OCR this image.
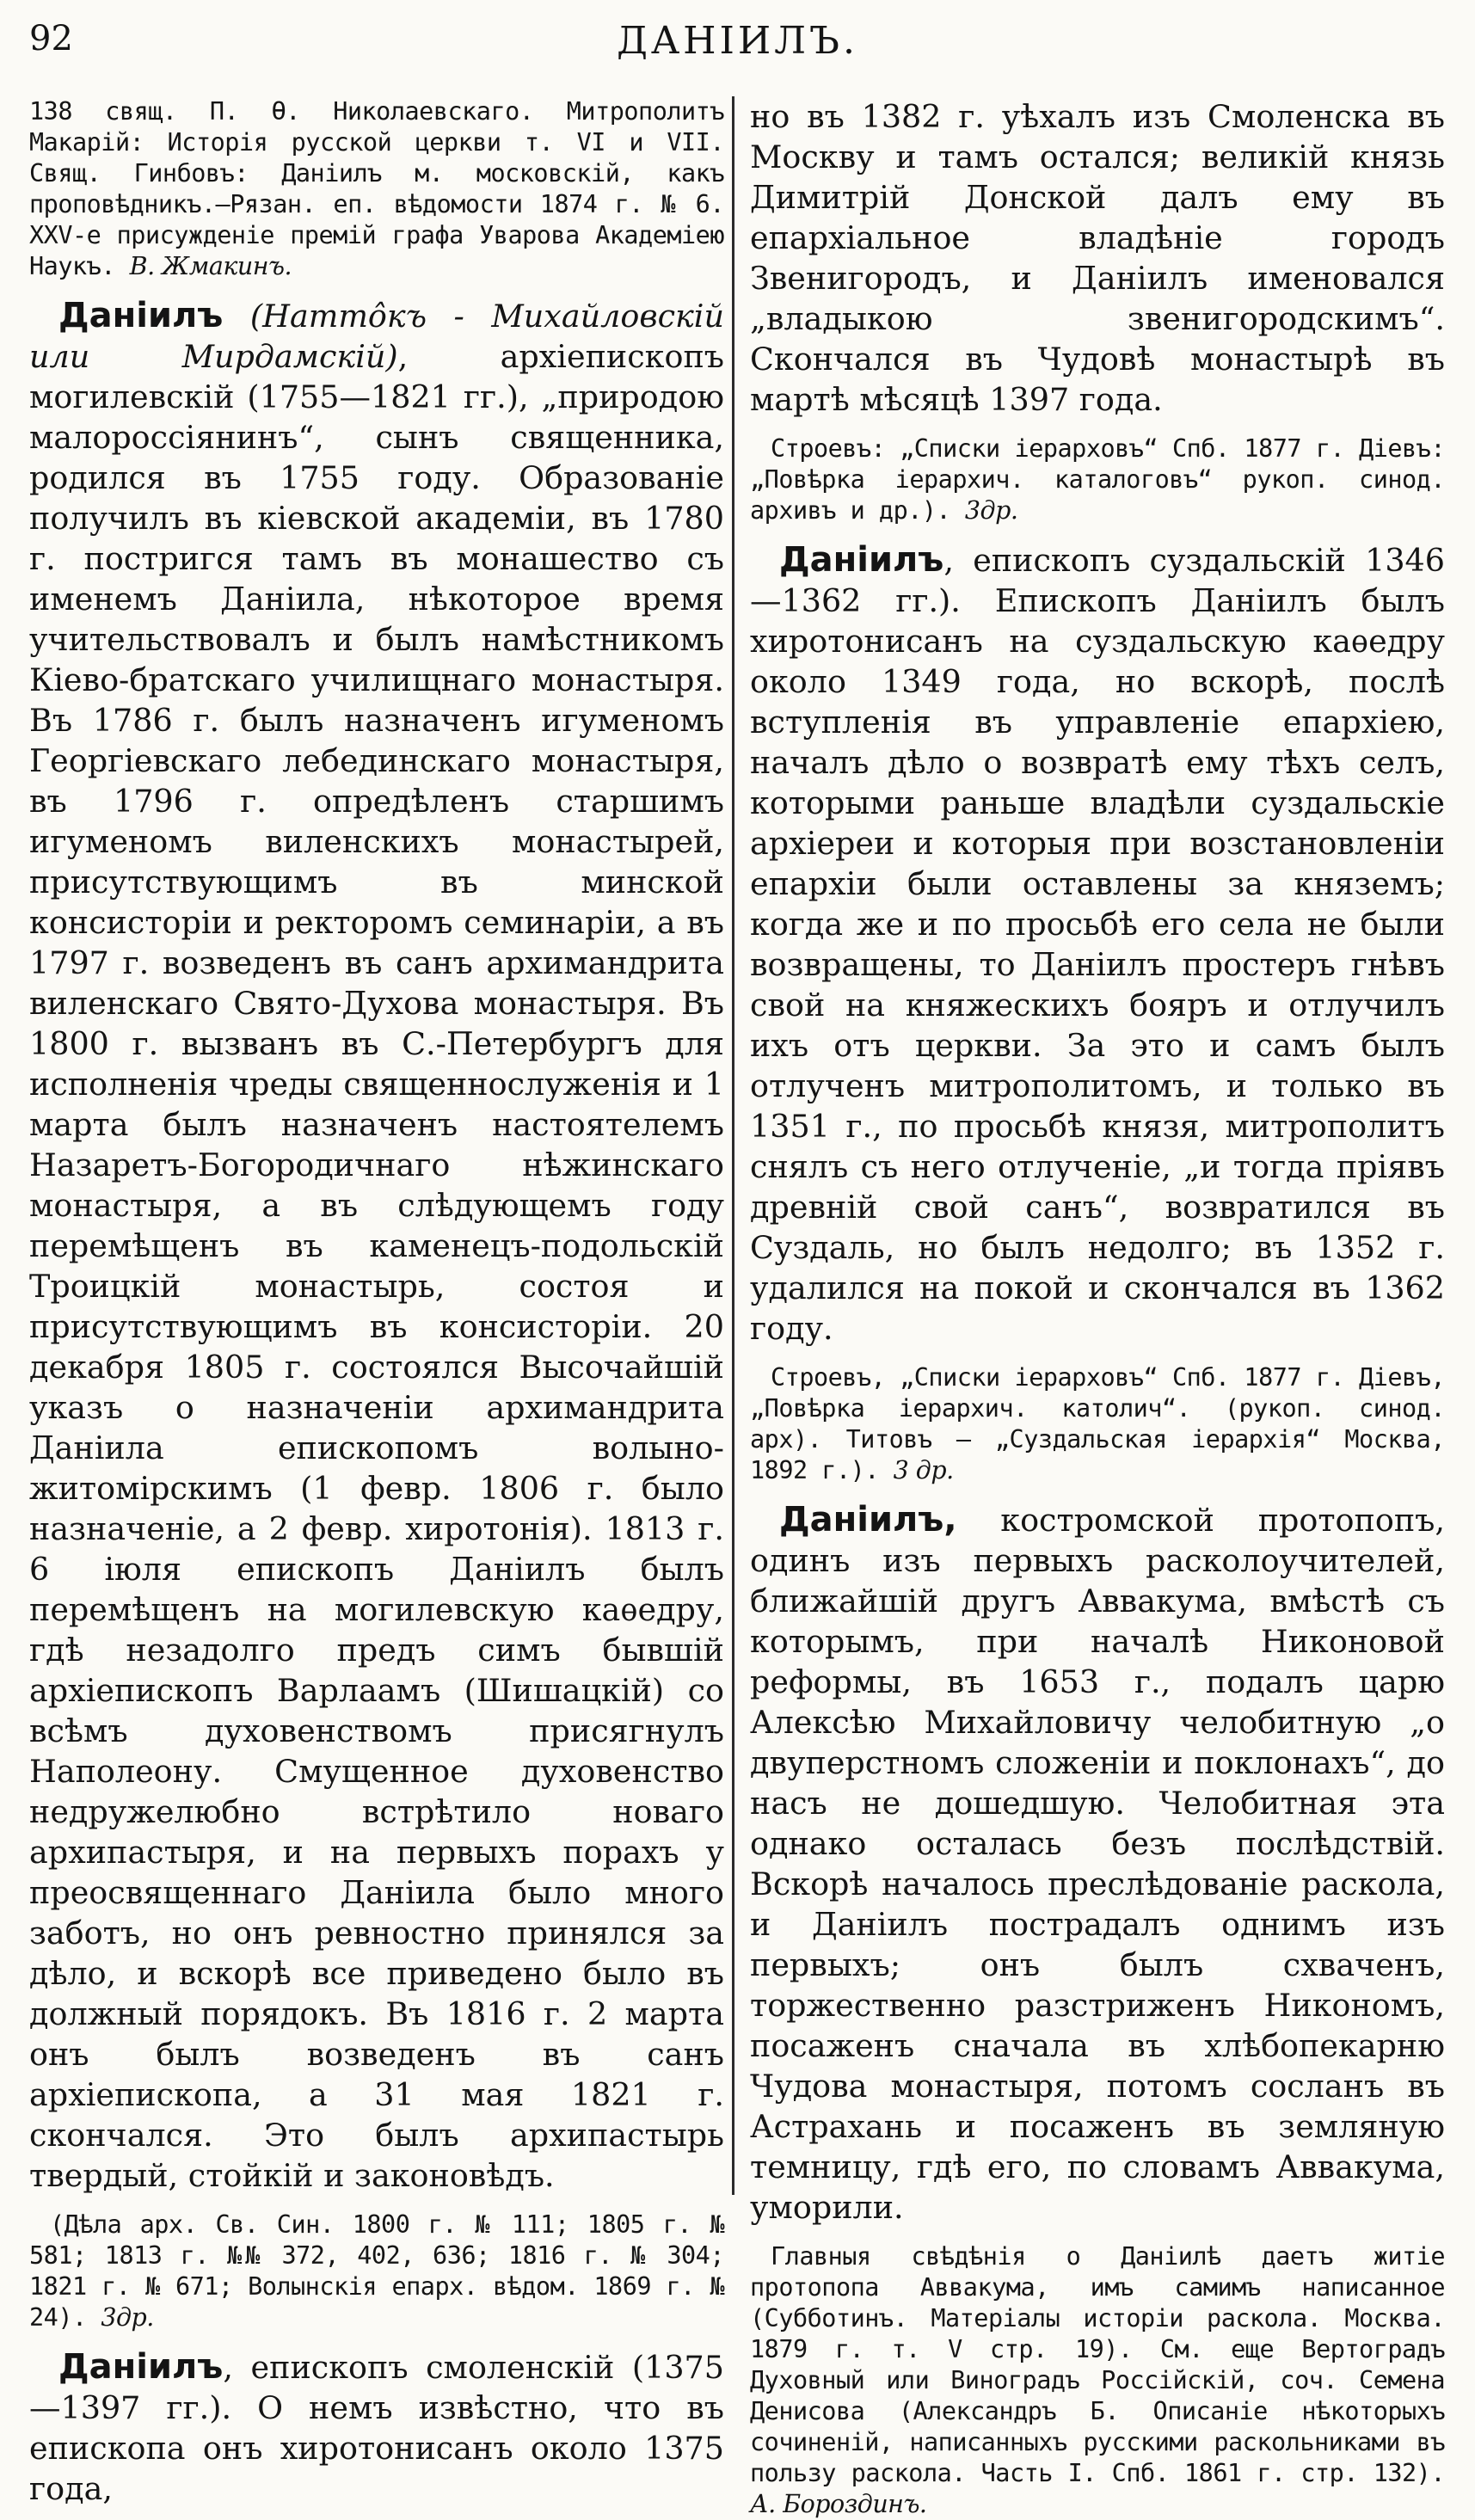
92	ДАНІИЛЪ.

138 свящ. П. Ѳ. Николаевскаго. Митрополитъ Макарій: Исторія русской церкви т. VI и VII. Свящ. Гинбовъ: Даніилъ м. московскій, какъ проповѣдникъ.—Рязан. еп. вѣдомости 1874 г. № 6. XXV-е присужденіе премій графа Уварова Академіею Наукъ. В. Жмакинъ.

Даніилъ (Натто̂къ - Михайловскій или Мирдамскій), архіепископъ могилевскій (1755—1821 гг.), „природою малороссіянинъ“, сынъ священника, родился въ 1755 году. Образованіе получилъ въ кіевской академіи, въ 1780 г. постригся тамъ въ монашество съ именемъ Даніила, нѣкоторое время учительствовалъ и былъ намѣстникомъ Кіево-братскаго училищнаго монастыря. Въ 1786 г. былъ назначенъ игуменомъ Георгіевскаго лебединскаго монастыря, въ 1796 г. опредѣленъ старшимъ игуменомъ виленскихъ монастырей, присутствующимъ въ минской консисторіи и ректоромъ семинаріи, а въ 1797 г. возведенъ въ санъ архимандрита виленскаго Свято-Духова монастыря. Въ 1800 г. вызванъ въ С.-Петербургъ для исполненія чреды священнослуженія и 1 марта былъ назначенъ настоятелемъ Назаретъ-Богородичнаго нѣжинскаго монастыря, а въ слѣдующемъ году перемѣщенъ въ каменецъ-подольскій Троицкій монастырь, состоя и присутствующимъ въ консисторіи. 20 декабря 1805 г. состоялся Высочайшій указъ о назначеніи архимандрита Даніила епископомъ волыно-житомірскимъ (1 февр. 1806 г. было назначеніе, а 2 февр. хиротонія). 1813 г. 6 іюля епископъ Даніилъ былъ перемѣщенъ на могилевскую каѳедру, гдѣ незадолго предъ симъ бывшій архіепископъ Варлаамъ (Шишацкій) со всѣмъ духовенствомъ присягнулъ Наполеону. Смущенное духовенство недружелюбно встрѣтило новаго архипастыря, и на первыхъ порахъ у преосвященнаго Даніила было много заботъ, но онъ ревностно принялся за дѣло, и вскорѣ все приведено было въ должный порядокъ. Въ 1816 г. 2 марта онъ былъ возведенъ въ санъ архіепископа, а 31 мая 1821 г. скончался. Это былъ архипастырь твердый, стойкій и законовѣдъ.

(Дѣла арх. Св. Син. 1800 г. № 111; 1805 г. № 581; 1813 г. №№ 372, 402, 636; 1816 г. № 304; 1821 г. № 671; Волынскія епарх. вѣдом. 1869 г. № 24). 3др.

Даніилъ, епископъ смоленскій (1375—1397 гг.). О немъ извѣстно, что въ епископа онъ хиротонисанъ около 1375 года,

но въ 1382 г. уѣхалъ изъ Смоленска въ Москву и тамъ остался; великій князь Димитрій Донской далъ ему въ епархіальное владѣніе городъ Звенигородъ, и Даніилъ именовался „владыкою звенигородскимъ“. Скончался въ Чудовѣ монастырѣ въ мартѣ мѣсяцѣ 1397 года.

Строевъ: „Списки іерарховъ“ Спб. 1877 г. Діевъ: „Повѣрка іерархич. каталоговъ“ рукоп. синод. архивъ и др.). 3др.

Даніилъ, епископъ суздальскій 1346—1362 гг.). Епископъ Даніилъ былъ хиротонисанъ на суздальскую каѳедру около 1349 года, но вскорѣ, послѣ вступленія въ управленіе епархіею, началъ дѣло о возвратѣ ему тѣхъ селъ, которыми раньше владѣли суздальскіе архіереи и которыя при возстановленіи епархіи были оставлены за княземъ; когда же и по просьбѣ его села не были возвращены, то Даніилъ простеръ гнѣвъ свой на княжескихъ бояръ и отлучилъ ихъ отъ церкви. За это и самъ былъ отлученъ митрополитомъ, и только въ 1351 г., по просьбѣ князя, митрополитъ снялъ съ него отлученіе, „и тогда пріявъ древній свой санъ“, возвратился въ Суздаль, но былъ недолго; въ 1352 г. удалился на покой и скончался въ 1362 году.

Строевъ, „Списки іерарховъ“ Спб. 1877 г. Діевъ, „Повѣрка іерархич. католич“. (рукоп. синод. арх). Титовъ — „Суздальская іерархія“ Москва, 1892 г.). 3 др.

Даніилъ, костромской протопопъ, одинъ изъ первыхъ расколоучителей, ближайшій другъ Аввакума, вмѣстѣ съ которымъ, при началѣ Никоновой реформы, въ 1653 г., подалъ царю Алексѣю Михайловичу челобитную „о двуперстномъ сложеніи и поклонахъ“, до насъ не дошедшую. Челобитная эта однако осталась безъ послѣдствій. Вскорѣ началось преслѣдованіе раскола, и Даніилъ пострадалъ однимъ изъ первыхъ; онъ былъ схваченъ, торжественно разстриженъ Никономъ, посаженъ сначала въ хлѣбопекарню Чудова монастыря, потомъ сосланъ въ Астрахань и посаженъ въ земляную темницу, гдѣ его, по словамъ Аввакума, уморили.

Главныя свѣдѣнія о Даніилѣ даетъ житіе протопопа Аввакума, имъ самимъ написанное (Субботинъ. Матеріалы исторіи раскола. Москва. 1879 г. т. V стр. 19). См. еще Вертоградъ Духовный или Виноградъ Россійскій, соч. Семена Денисова (Александръ Б. Описаніе нѣкоторыхъ сочиненій, написанныхъ русскими раскольниками въ пользу раскола. Часть I. Спб. 1861 г. стр. 132). А. Бороздинъ.
